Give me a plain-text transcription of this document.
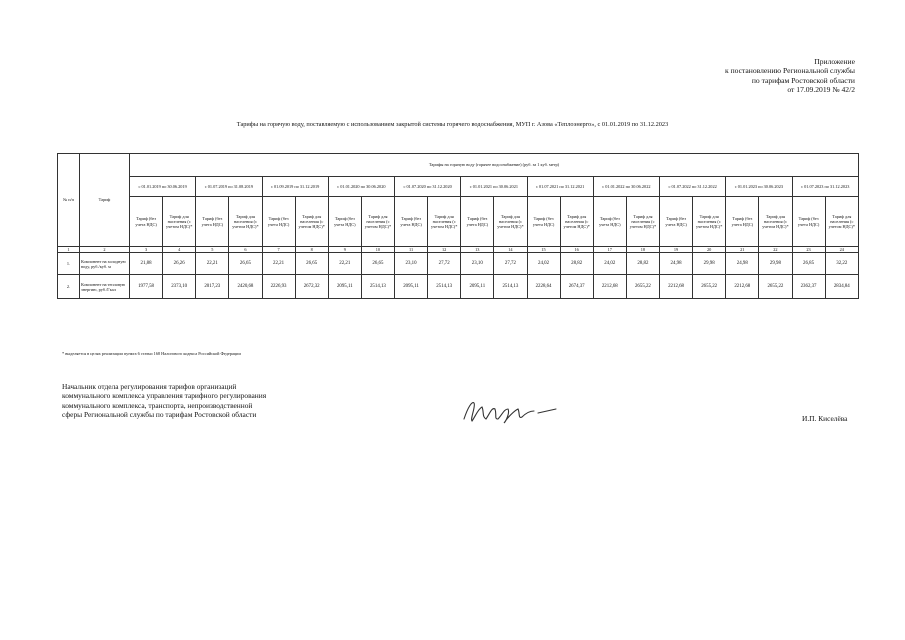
Приложение
к постановлению Региональной службы
по тарифам Ростовской области
от 17.09.2019 № 42/2
Тарифы на горячую воду, поставляемую с использованием закрытой системы горячего водоснабжения, МУП г. Азова «Теплоэнерго», с 01.01.2019 по 31.12.2023
№ п/п	Тариф	Тарифы на горячую воду (горячее водоснабжение) (руб. за 1 куб. метр)																					
		с 01.01.2019 по 30.06.2019		с 01.07.2019 по 31.08.2019		с 01.09.2019 по 31.12.2019		с 01.01.2020 по 30.06.2020		с 01.07.2020 по 31.12.2020		с 01.01.2021 по 30.06.2021		с 01.07.2021 по 31.12.2021		с 01.01.2022 по 30.06.2022		с 01.07.2022 по 31.12.2022		с 01.01.2023 по 30.06.2023		с 01.07.2023 по 31.12.2023	
		Тариф (без учета НДС)	Тариф для населения (с учетом НДС)*	Тариф (без учета НДС)	Тариф для населения (с учетом НДС)*	Тариф (без учета НДС)	Тариф для населения (с учетом НДС)*	Тариф (без учета НДС)	Тариф для населения (с учетом НДС)*	Тариф (без учета НДС)	Тариф для населения (с учетом НДС)*	Тариф (без учета НДС)	Тариф для населения (с учетом НДС)*	Тариф (без учета НДС)	Тариф для населения (с учетом НДС)*	Тариф (без учета НДС)	Тариф для населения (с учетом НДС)*	Тариф (без учета НДС)	Тариф для населения (с учетом НДС)*	Тариф (без учета НДС)	Тариф для населения (с учетом НДС)*	Тариф (без учета НДС)	Тариф для населения (с учетом НДС)*
1	2	3	4	5	6	7	8	9	10	11	12	13	14	15	16	17	18	19	20	21	22	23	24
1.	Компонент на холодную воду, руб./куб. м	21,88	26,26	22,21	26,65	22,21	26,65	22,21	26,65	23,10	27,72	23,10	27,72	24,02	28,82	24,02	28,82	24,98	29,98	24,98	29,98	26,85	32,22
2.	Компонент на тепловую энергию, руб./Гкал	1977,58	2373,10	2017,23	2420,68	2226,93	2672,32	2095,11	2514,13	2095,11	2514,13	2095,11	2514,13	2228,64	2674,37	2212,68	2655,22	2212,68	2655,22	2212,68	2655,22	2362,37	2834,84
* выделяется в целях реализации пункта 6 статьи 168 Налогового кодекса Российской Федерации
Начальник отдела регулирования тарифов организаций
коммунального комплекса управления тарифного регулирования
коммунального комплекса, транспорта, непроизводственной
сферы Региональной службы по тарифам Ростовской области	И.П. Киселёва
